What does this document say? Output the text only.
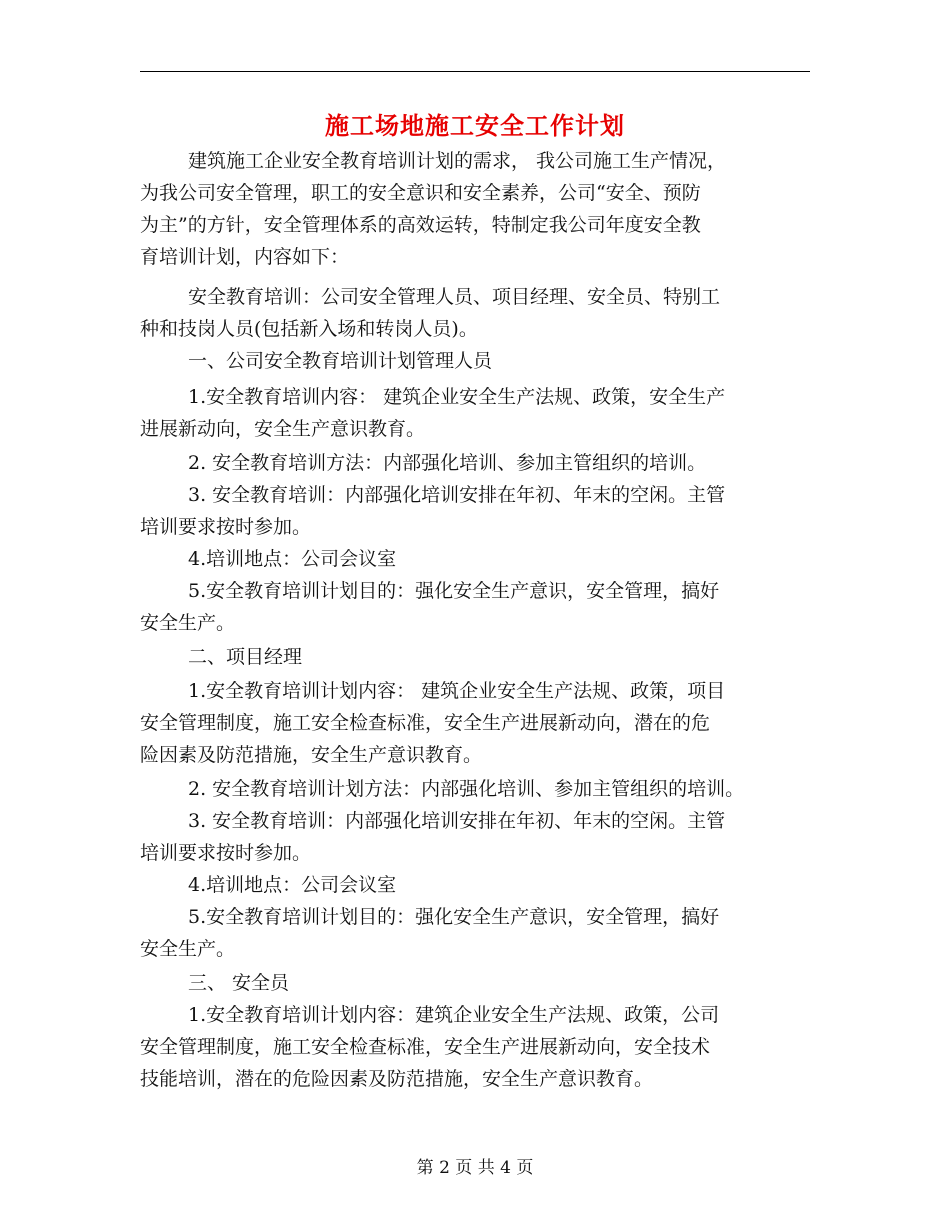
施工场地施工安全工作计划
建筑施工企业安全教育培训计划的需求， 我公司施工生产情况，
为我公司安全管理，职工的安全意识和安全素养，公司“安全、预防
为主”的方针，安全管理体系的高效运转，特制定我公司年度安全教
育培训计划，内容如下：
安全教育培训：公司安全管理人员、项目经理、安全员、特别工
种和技岗人员(包括新入场和转岗人员)。
一、公司安全教育培训计划管理人员
1.安全教育培训内容： 建筑企业安全生产法规、政策，安全生产
进展新动向，安全生产意识教育。
2. 安全教育培训方法：内部强化培训、参加主管组织的培训。
3. 安全教育培训：内部强化培训安排在年初、年末的空闲。主管
培训要求按时参加。
4.培训地点：公司会议室
5.安全教育培训计划目的：强化安全生产意识，安全管理，搞好
安全生产。
二、项目经理
1.安全教育培训计划内容： 建筑企业安全生产法规、政策，项目
安全管理制度，施工安全检查标准，安全生产进展新动向，潜在的危
险因素及防范措施，安全生产意识教育。
2. 安全教育培训计划方法：内部强化培训、参加主管组织的培训。
3. 安全教育培训：内部强化培训安排在年初、年末的空闲。主管
培训要求按时参加。
4.培训地点：公司会议室
5.安全教育培训计划目的：强化安全生产意识，安全管理，搞好
安全生产。
三、 安全员
1.安全教育培训计划内容：建筑企业安全生产法规、政策，公司
安全管理制度，施工安全检查标准，安全生产进展新动向，安全技术
技能培训，潜在的危险因素及防范措施，安全生产意识教育。
第 2 页 共 4 页
